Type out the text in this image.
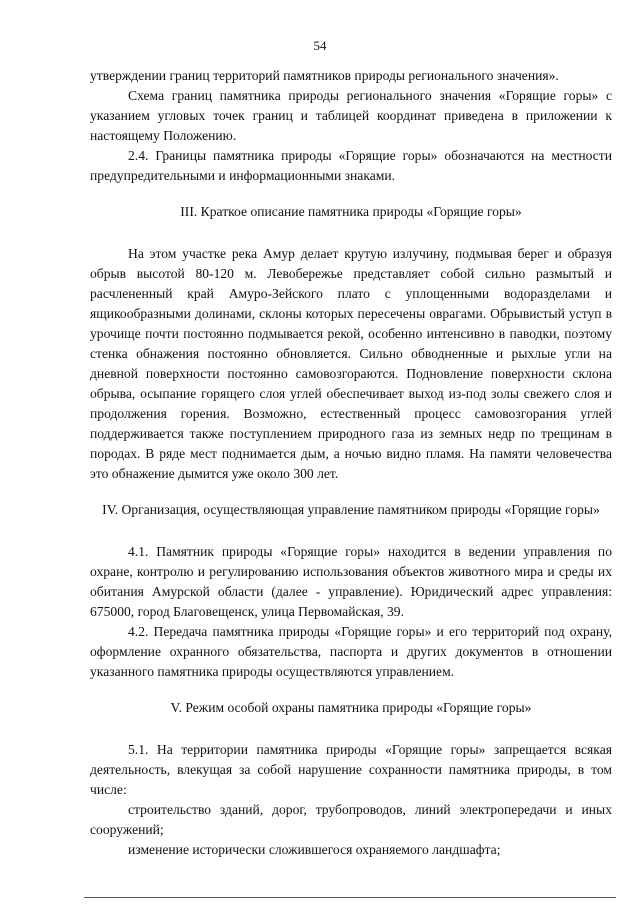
54

утверждении границ территорий памятников природы регионального значения».

Схема границ памятника природы регионального значения «Горящие горы» с указанием угловых точек границ и таблицей координат приведена в приложении к настоящему Положению.

2.4. Границы памятника природы «Горящие горы» обозначаются на местности предупредительными и информационными знаками.

III. Краткое описание памятника природы «Горящие горы»

На этом участке река Амур делает крутую излучину, подмывая берег и образуя обрыв высотой 80-120 м. Левобережье представляет собой сильно размытый и расчлененный край Амуро-Зейского плато с уплощенными водоразделами и ящикообразными долинами, склоны которых пересечены оврагами. Обрывистый уступ в урочище почти постоянно подмывается рекой, особенно интенсивно в паводки, поэтому стенка обнажения постоянно обновляется. Сильно обводненные и рыхлые угли на дневной поверхности постоянно самовозгораются. Подновление поверхности склона обрыва, осыпание горящего слоя углей обеспечивает выход из-под золы свежего слоя и продолжения горения. Возможно, естественный процесс самовозгорания углей поддерживается также поступлением природного газа из земных недр по трещинам в породах. В ряде мест поднимается дым, а ночью видно пламя. На памяти человечества это обнажение дымится уже около 300 лет.

IV. Организация, осуществляющая управление памятником природы «Горящие горы»

4.1. Памятник природы «Горящие горы» находится в ведении управления по охране, контролю и регулированию использования объектов животного мира и среды их обитания Амурской области (далее - управление). Юридический адрес управления: 675000, город Благовещенск, улица Первомайская, 39.

4.2. Передача памятника природы «Горящие горы» и его территорий под охрану, оформление охранного обязательства, паспорта и других документов в отношении указанного памятника природы осуществляются управлением.

V. Режим особой охраны памятника природы «Горящие горы»

5.1. На территории памятника природы «Горящие горы» запрещается всякая деятельность, влекущая за собой нарушение сохранности памятника природы, в том числе:

строительство зданий, дорог, трубопроводов, линий электропередачи и иных сооружений;

изменение исторически сложившегося охраняемого ландшафта;
